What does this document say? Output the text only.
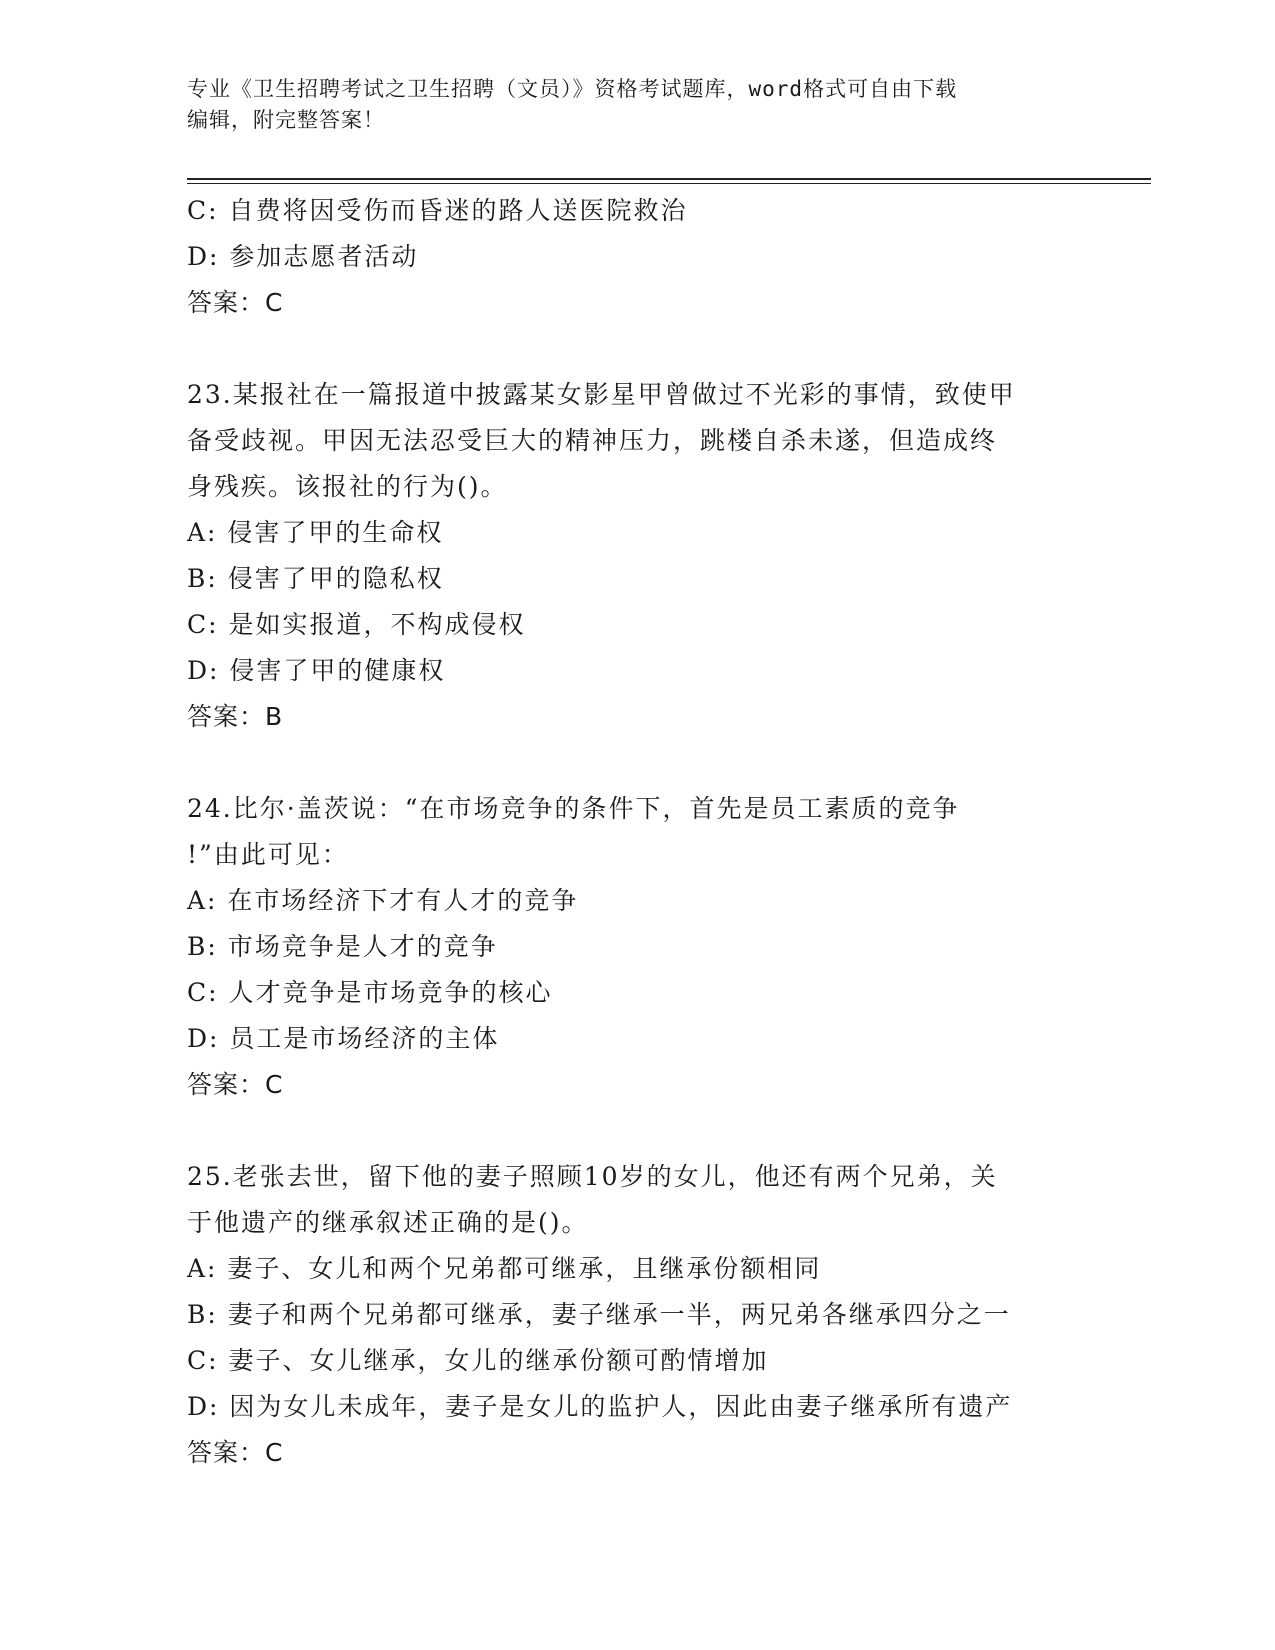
专业《卫生招聘考试之卫生招聘（文员）》资格考试题库，word格式可自由下载
编辑，附完整答案！
C: 自费将因受伤而昏迷的路人送医院救治
D: 参加志愿者活动
答案：C
23.某报社在一篇报道中披露某女影星甲曾做过不光彩的事情，致使甲
备受歧视。甲因无法忍受巨大的精神压力，跳楼自杀未遂，但造成终
身残疾。该报社的行为()。
A: 侵害了甲的生命权
B: 侵害了甲的隐私权
C: 是如实报道，不构成侵权
D: 侵害了甲的健康权
答案：B
24.比尔·盖茨说：“在市场竞争的条件下，首先是员工素质的竞争
!”由此可见：
A: 在市场经济下才有人才的竞争
B: 市场竞争是人才的竞争
C: 人才竞争是市场竞争的核心
D: 员工是市场经济的主体
答案：C
25.老张去世，留下他的妻子照顾10岁的女儿，他还有两个兄弟，关
于他遗产的继承叙述正确的是()。
A: 妻子、女儿和两个兄弟都可继承，且继承份额相同
B: 妻子和两个兄弟都可继承，妻子继承一半，两兄弟各继承四分之一
C: 妻子、女儿继承，女儿的继承份额可酌情增加
D: 因为女儿未成年，妻子是女儿的监护人，因此由妻子继承所有遗产
答案：C
